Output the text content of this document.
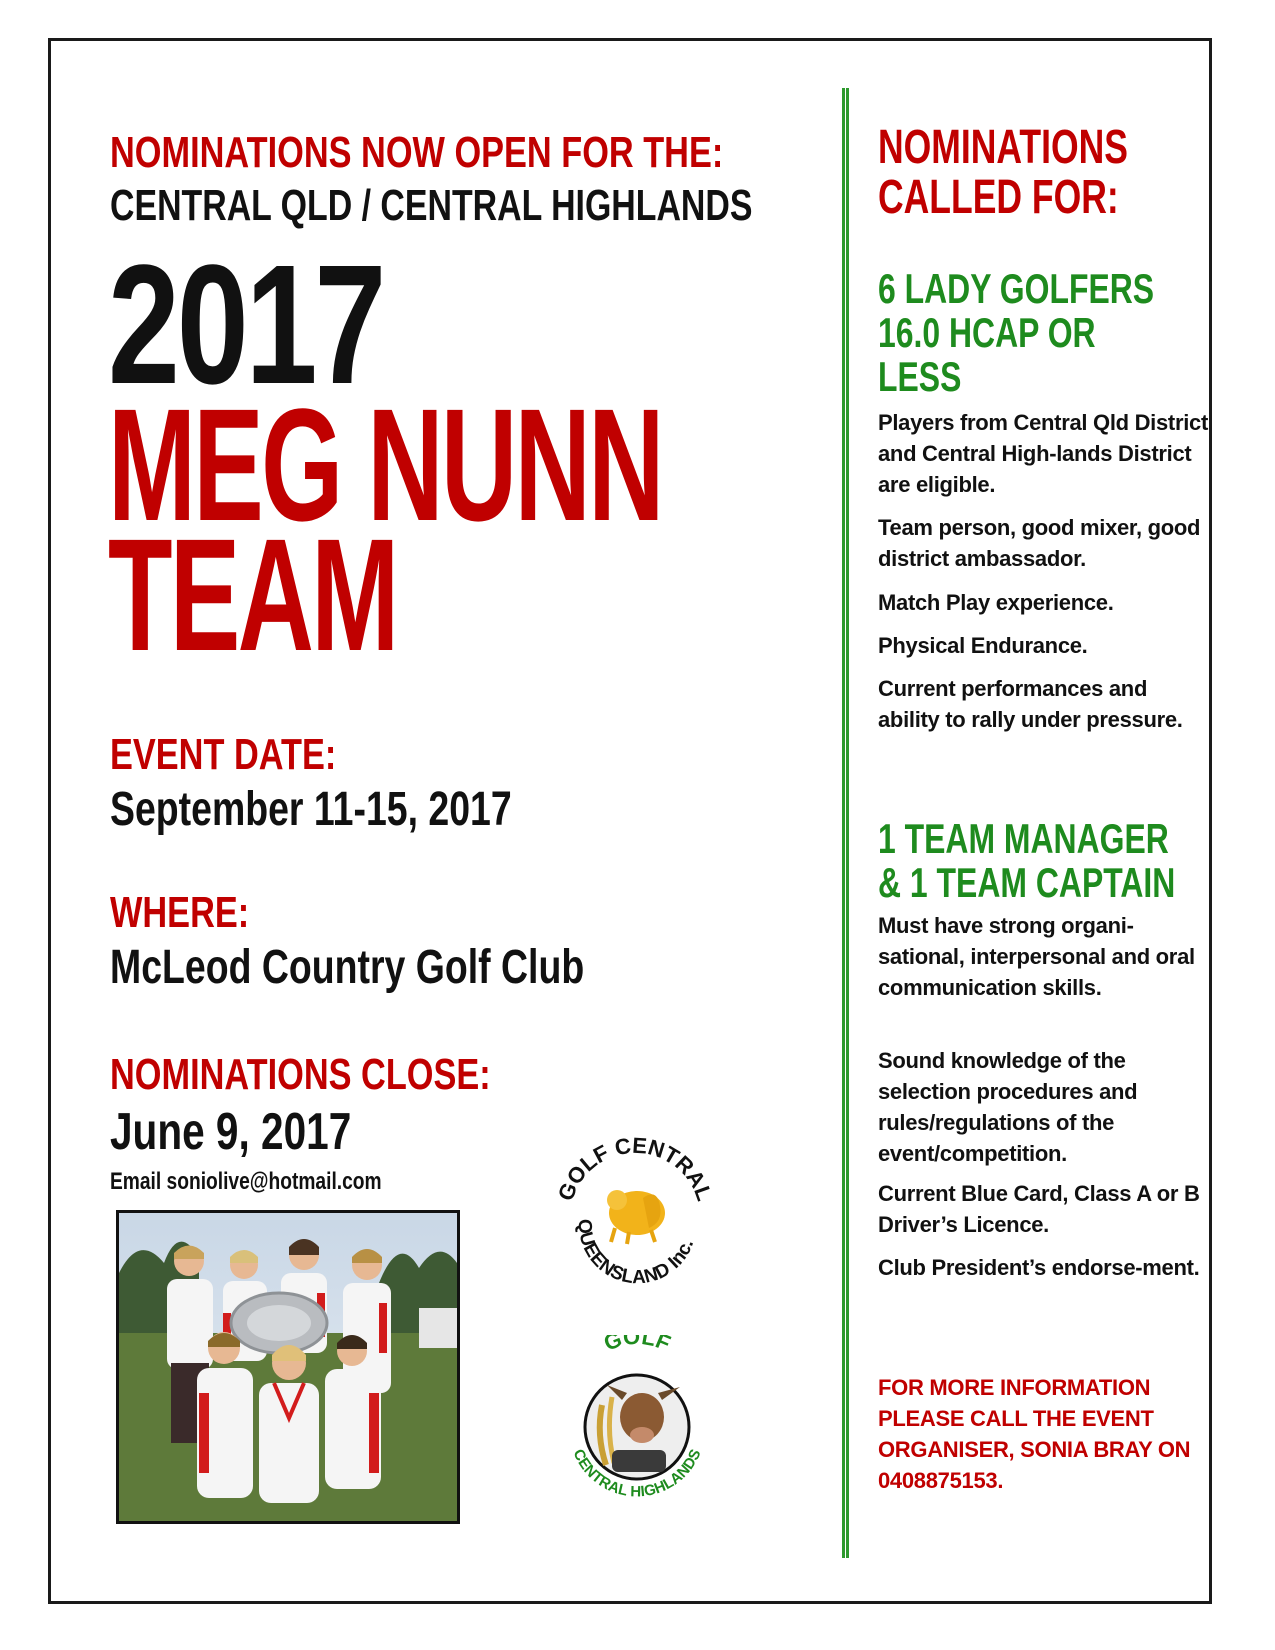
NOMINATIONS NOW OPEN FOR THE:
CENTRAL QLD / CENTRAL HIGHLANDS
2017
MEG NUNN
TEAM
EVENT DATE:
September 11-15, 2017
WHERE:
McLeod Country Golf Club
NOMINATIONS CLOSE:
June 9, 2017
Email soniolive@hotmail.com	GOLF CENTRAL
QUEENSLAND Inc.
GOLF
CENTRAL HIGHLANDS
NOMINATIONS
CALLED FOR:
6 LADY GOLFERS
16.0 HCAP OR
LESS
Players from Central Qld District and Central High-lands District are eligible.
Team person, good mixer, good district ambassador.
Match Play experience.
Physical Endurance.
Current performances and ability to rally under pressure.
1 TEAM MANAGER
& 1 TEAM CAPTAIN
Must have strong organi-sational, interpersonal and oral communication skills.
Sound knowledge of the selection procedures and rules/regulations of the event/competition.
Current Blue Card, Class A or B Driver’s Licence.
Club President’s endorse-ment.
FOR MORE INFORMATION PLEASE CALL THE EVENT ORGANISER, SONIA BRAY ON 0408875153.
